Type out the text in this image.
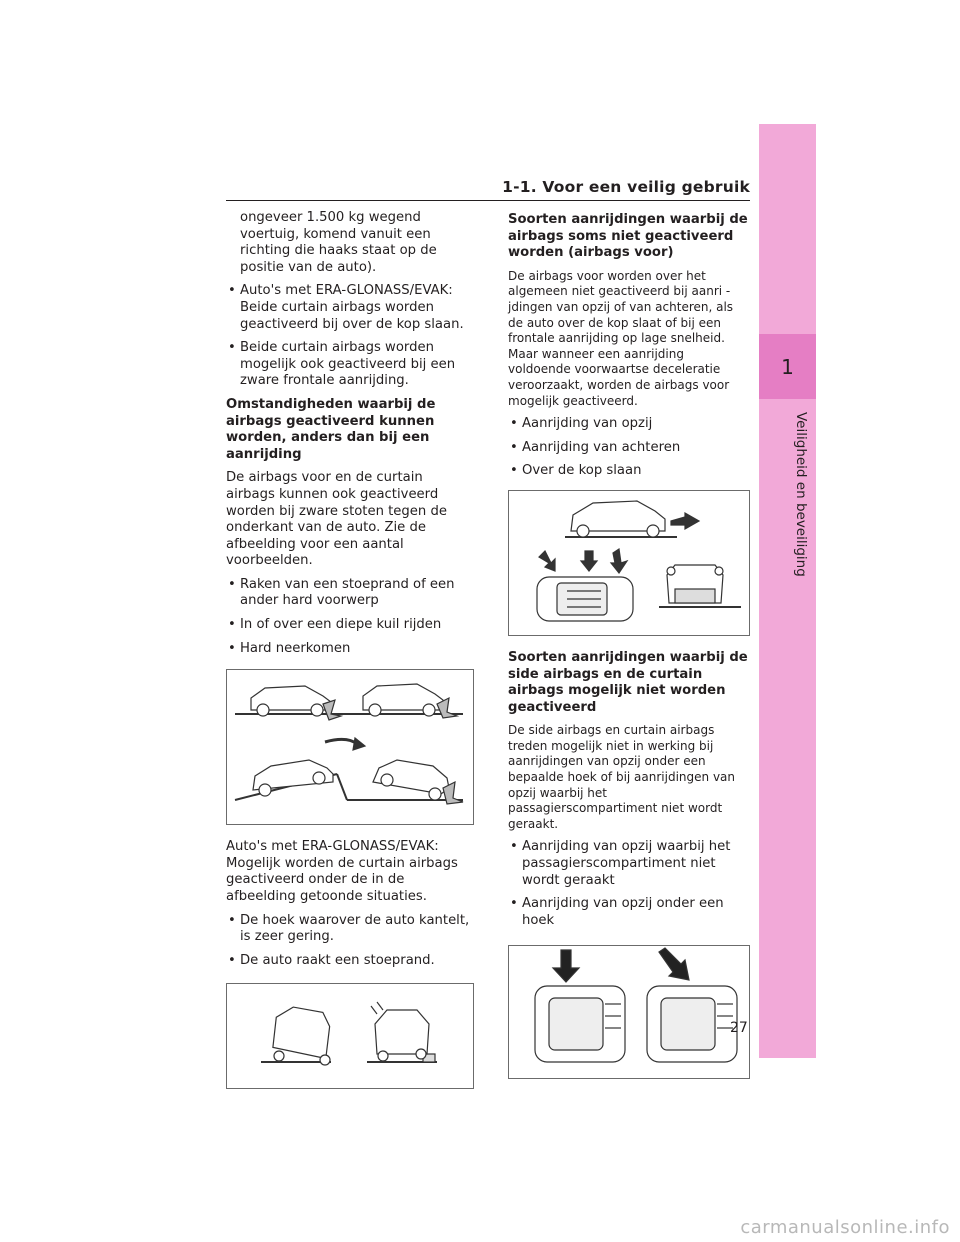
1-1. Voor een veilig gebruik
1
Veiligheid en beveiliging

ongeveer 1.500 kg wegend voertuig, komend vanuit een richting die haaks staat op de positie van de auto).

• Auto's met ERA-GLONASS/EVAK: Beide curtain airbags worden geactiveerd bij over de kop slaan.

• Beide curtain airbags worden mogelijk ook geactiveerd bij een zware frontale aanrijding.

Omstandigheden waarbij de airbags geactiveerd kunnen worden, anders dan bij een aanrijding

De airbags voor en de curtain airbags kunnen ook geactiveerd worden bij zware stoten tegen de onderkant van de auto. Zie de afbeelding voor een aantal voorbeelden.

• Raken van een stoeprand of een ander hard voorwerp

• In of over een diepe kuil rijden

• Hard neerkomen

Auto's met ERA-GLONASS/EVAK: Mogelijk worden de curtain airbags geactiveerd onder de in de afbeelding getoonde situaties.

• De hoek waarover de auto kantelt, is zeer gering.

• De auto raakt een stoeprand.

Soorten aanrijdingen waarbij de airbags soms niet geactiveerd worden (airbags voor)

De airbags voor worden over het algemeen niet geactiveerd bij aanri -jdingen van opzij of van achteren, als de auto over de kop slaat of bij een frontale aanrijding op lage snelheid. Maar wanneer een aanrijding voldoende voorwaartse deceleratie veroorzaakt, worden de airbags voor mogelijk geactiveerd.

• Aanrijding van opzij

• Aanrijding van achteren

• Over de kop slaan

Soorten aanrijdingen waarbij de side airbags en de curtain airbags mogelijk niet worden geactiveerd

De side airbags en curtain airbags treden mogelijk niet in werking bij aanrijdingen van opzij onder een bepaalde hoek of bij aanrijdingen van opzij waarbij het passagierscompartiment niet wordt geraakt.

• Aanrijding van opzij waarbij het passagierscompartiment niet wordt geraakt

• Aanrijding van opzij onder een hoek

27
carmanualsonline.info
